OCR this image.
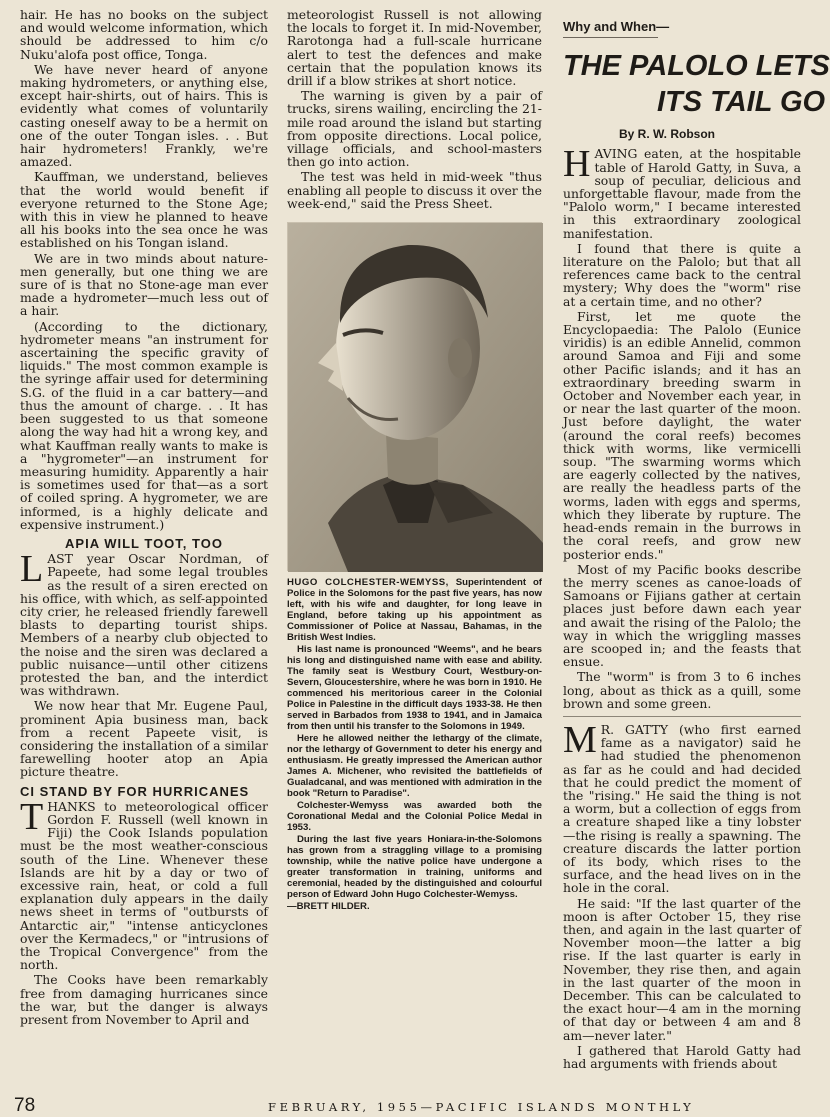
hair. He has no books on the subject and would welcome information, which should be addressed to him c/o Nuku'alofa post office, Tonga.

We have never heard of anyone making hydrometers, or anything else, except hair-shirts, out of hairs. This is evidently what comes of voluntarily casting oneself away to be a hermit on one of the outer Tongan isles. . . But hair hydrometers! Frankly, we're amazed.

Kauffman, we understand, believes that the world would benefit if everyone returned to the Stone Age; with this in view he planned to heave all his books into the sea once he was established on his Tongan island.

We are in two minds about nature-men generally, but one thing we are sure of is that no Stone-age man ever made a hydrometer—much less out of a hair.

(According to the dictionary, hydrometer means "an instrument for ascertaining the specific gravity of liquids." The most common example is the syringe affair used for determining S.G. of the fluid in a car battery—and thus the amount of charge. . . It has been suggested to us that someone along the way had hit a wrong key, and what Kauffman really wants to make is a "hygrometer"—an instrument for measuring humidity. Apparently a hair is sometimes used for that—as a sort of coiled spring. A hygrometer, we are informed, is a highly delicate and expensive instrument.)

APIA WILL TOOT, TOO

LAST year Oscar Nordman, of Papeete, had some legal troubles as the result of a siren erected on his office, with which, as self-appointed city crier, he released friendly farewell blasts to departing tourist ships. Members of a nearby club objected to the noise and the siren was declared a public nuisance—until other citizens protested the ban, and the interdict was withdrawn.

We now hear that Mr. Eugene Paul, prominent Apia business man, back from a recent Papeete visit, is considering the installation of a similar farewelling hooter atop an Apia picture theatre.

CI STAND BY FOR HURRICANES

THANKS to meteorological officer Gordon F. Russell (well known in Fiji) the Cook Islands population must be the most weather-conscious south of the Line. Whenever these Islands are hit by a day or two of excessive rain, heat, or cold a full explanation duly appears in the daily news sheet in terms of "outbursts of Antarctic air," "intense anticyclones over the Kermadecs," or "intrusions of the Tropical Convergence" from the north.

The Cooks have been remarkably free from damaging hurricanes since the war, but the danger is always present from November to April and

meteorologist Russell is not allowing the locals to forget it. In mid-November, Rarotonga had a full-scale hurricane alert to test the defences and make certain that the population knows its drill if a blow strikes at short notice.

The warning is given by a pair of trucks, sirens wailing, encircling the 21-mile road around the island but starting from opposite directions. Local police, village officials, and school-masters then go into action.

The test was held in mid-week "thus enabling all people to discuss it over the week-end," said the Press Sheet.

HUGO COLCHESTER-WEMYSS, Superintendent of Police in the Solomons for the past five years, has now left, with his wife and daughter, for long leave in England, before taking up his appointment as Commissioner of Police at Nassau, Bahamas, in the British West Indies.

His last name is pronounced "Weems", and he bears his long and distinguished name with ease and ability. The family seat is Westbury Court, Westbury-on-Severn, Gloucestershire, where he was born in 1910. He commenced his meritorious career in the Colonial Police in Palestine in the difficult days 1933-38. He then served in Barbados from 1938 to 1941, and in Jamaica from then until his transfer to the Solomons in 1949.

Here he allowed neither the lethargy of the climate, nor the lethargy of Government to deter his energy and enthusiasm. He greatly impressed the American author James A. Michener, who revisited the battlefields of Gualadcanal, and was mentioned with admiration in the book "Return to Paradise".

Colchester-Wemyss was awarded both the Coronational Medal and the Colonial Police Medal in 1953.

During the last five years Honiara-in-the-Solomons has grown from a straggling village to a promising township, while the native police have undergone a greater transformation in training, uniforms and ceremonial, headed by the distinguished and colourful person of Edward John Hugo Colchester-Wemyss.

—BRETT HILDER.
Why and When—
THE PALOLO LETS
ITS TAIL GO
By R. W. Robson

HAVING eaten, at the hospitable table of Harold Gatty, in Suva, a soup of peculiar, delicious and unforgettable flavour, made from the "Palolo worm," I became interested in this extraordinary zoological manifestation.

I found that there is quite a literature on the Palolo; but that all references came back to the central mystery; Why does the "worm" rise at a certain time, and no other?

First, let me quote the Encyclopaedia: The Palolo (Eunice viridis) is an edible Annelid, common around Samoa and Fiji and some other Pacific islands; and it has an extraordinary breeding swarm in October and November each year, in or near the last quarter of the moon. Just before daylight, the water (around the coral reefs) becomes thick with worms, like vermicelli soup. "The swarming worms which are eagerly collected by the natives, are really the headless parts of the worms, laden with eggs and sperms, which they liberate by rupture. The head-ends remain in the burrows in the coral reefs, and grow new posterior ends."

Most of my Pacific books describe the merry scenes as canoe-loads of Samoans or Fijians gather at certain places just before dawn each year and await the rising of the Palolo; the way in which the wriggling masses are scooped in; and the feasts that ensue.

The "worm" is from 3 to 6 inches long, about as thick as a quill, some brown and some green.

M R. GATTY (who first earned fame as a navigator) said he had studied the phenomenon as far as he could and had decided that he could predict the moment of the "rising." He said the thing is not a worm, but a collection of eggs from a creature shaped like a tiny lobster—the rising is really a spawning. The creature discards the latter portion of its body, which rises to the surface, and the head lives on in the hole in the coral.

He said: "If the last quarter of the moon is after October 15, they rise then, and again in the last quarter of November moon—the latter a big rise. If the last quarter is early in November, they rise then, and again in the last quarter of the moon in December. This can be calculated to the exact hour—4 am in the morning of that day or between 4 am and 8 am—never later."

I gathered that Harold Gatty had had arguments with friends about

78	FEBRUARY, 1955—PACIFIC ISLANDS MONTHLY
